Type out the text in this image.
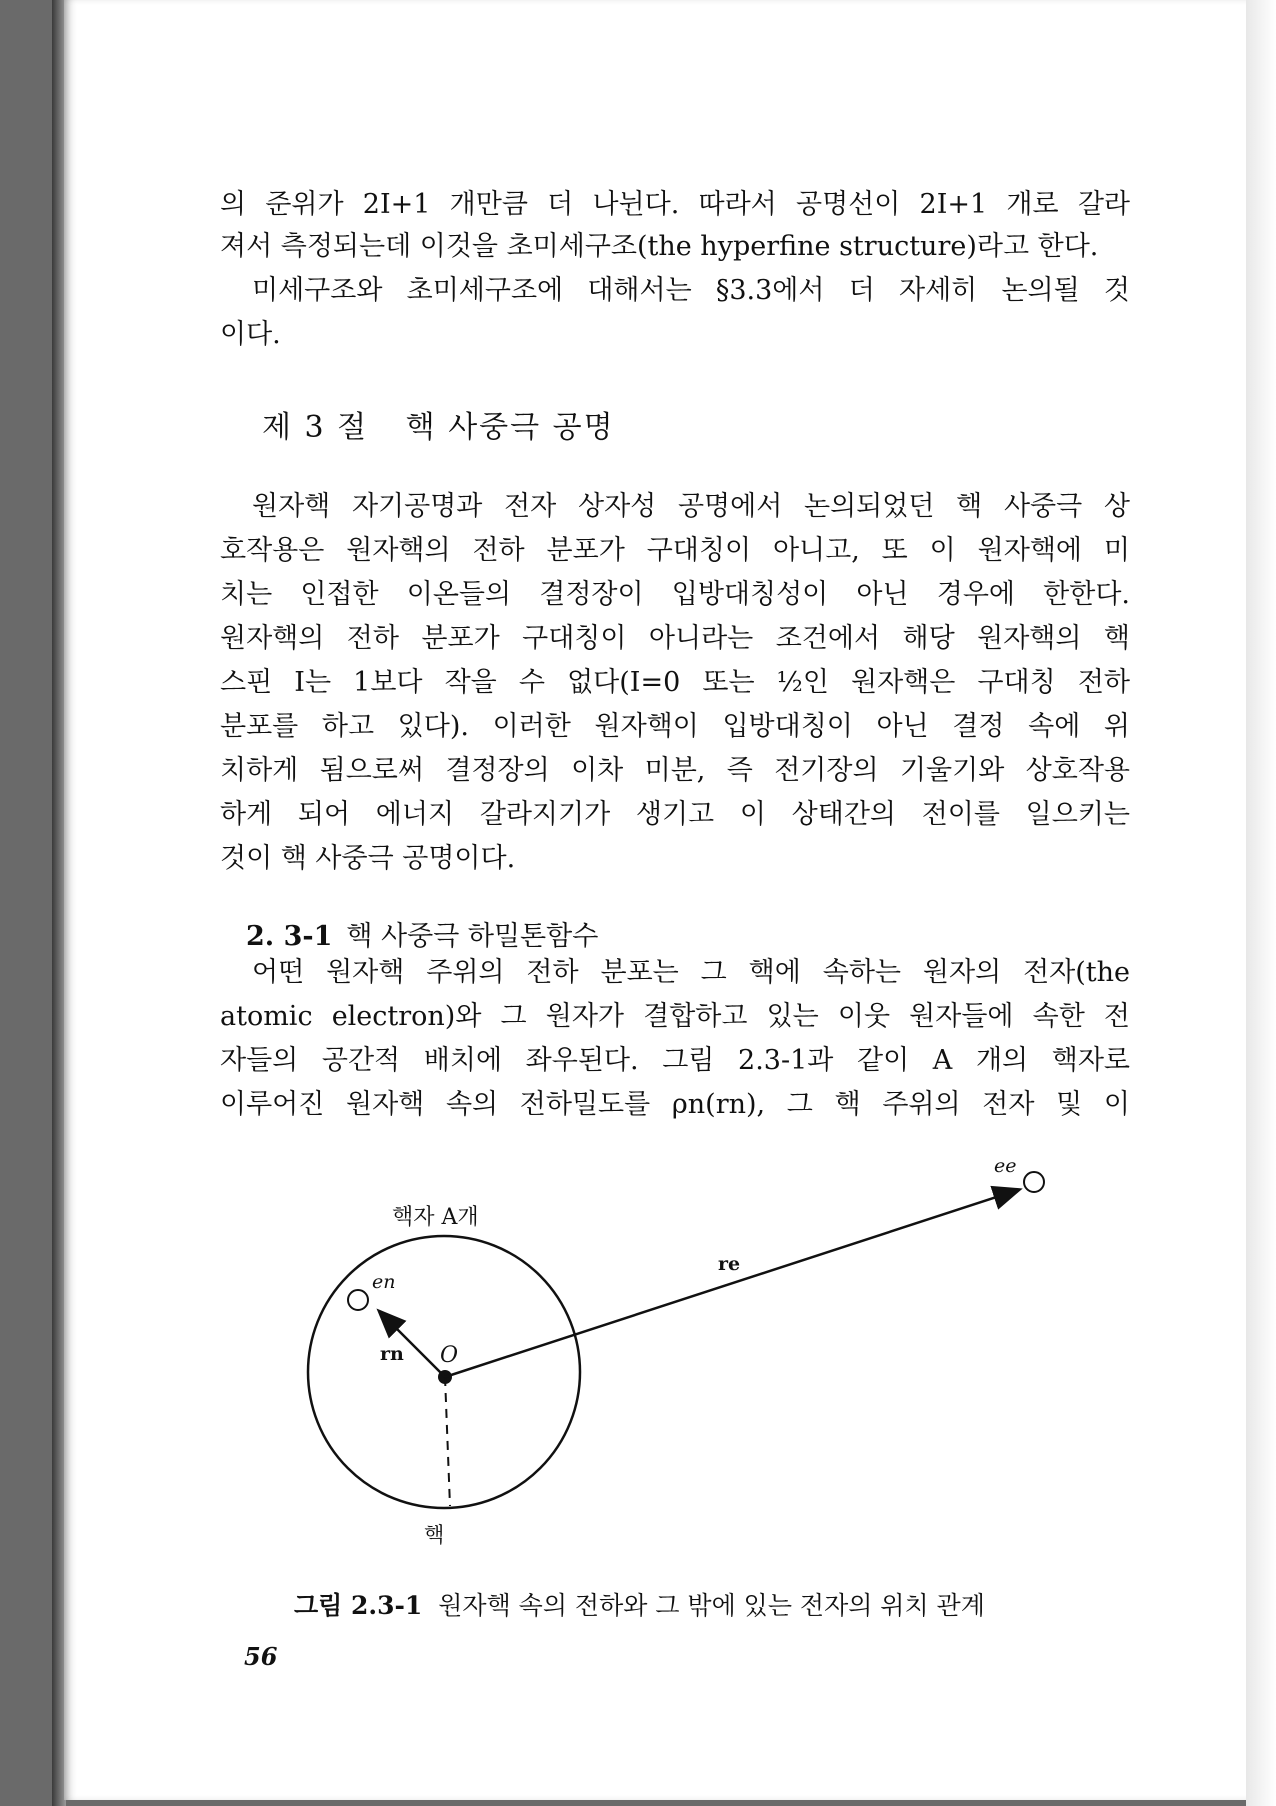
의 준위가 2I+1 개만큼 더 나뉜다. 따라서 공명선이 2I+1 개로 갈라
져서 측정되는데 이것을 초미세구조(the hyperfine structure)라고 한다.
미세구조와 초미세구조에 대해서는 §3.3에서 더 자세히 논의될 것
이다.
제 3 절 핵 사중극 공명
원자핵 자기공명과 전자 상자성 공명에서 논의되었던 핵 사중극 상
호작용은 원자핵의 전하 분포가 구대칭이 아니고, 또 이 원자핵에 미
치는 인접한 이온들의 결정장이 입방대칭성이 아닌 경우에 한한다.
원자핵의 전하 분포가 구대칭이 아니라는 조건에서 해당 원자핵의 핵
스핀 I는 1보다 작을 수 없다(I=0 또는 ½인 원자핵은 구대칭 전하
분포를 하고 있다). 이러한 원자핵이 입방대칭이 아닌 결정 속에 위
치하게 됨으로써 결정장의 이차 미분, 즉 전기장의 기울기와 상호작용
하게 되어 에너지 갈라지기가 생기고 이 상태간의 전이를 일으키는
것이 핵 사중극 공명이다.
2. 3-1 핵 사중극 하밀톤함수
어떤 원자핵 주위의 전하 분포는 그 핵에 속하는 원자의 전자(the
atomic electron)와 그 원자가 결합하고 있는 이웃 원자들에 속한 전
자들의 공간적 배치에 좌우된다. 그림 2.3-1과 같이 A 개의 핵자로
이루어진 원자핵 속의 전하밀도를 ρn(rn), 그 핵 주위의 전자 및 이
핵자 A개
O
en
rn
re
ee
핵
그림 2.3-1 원자핵 속의 전하와 그 밖에 있는 전자의 위치 관계
56
